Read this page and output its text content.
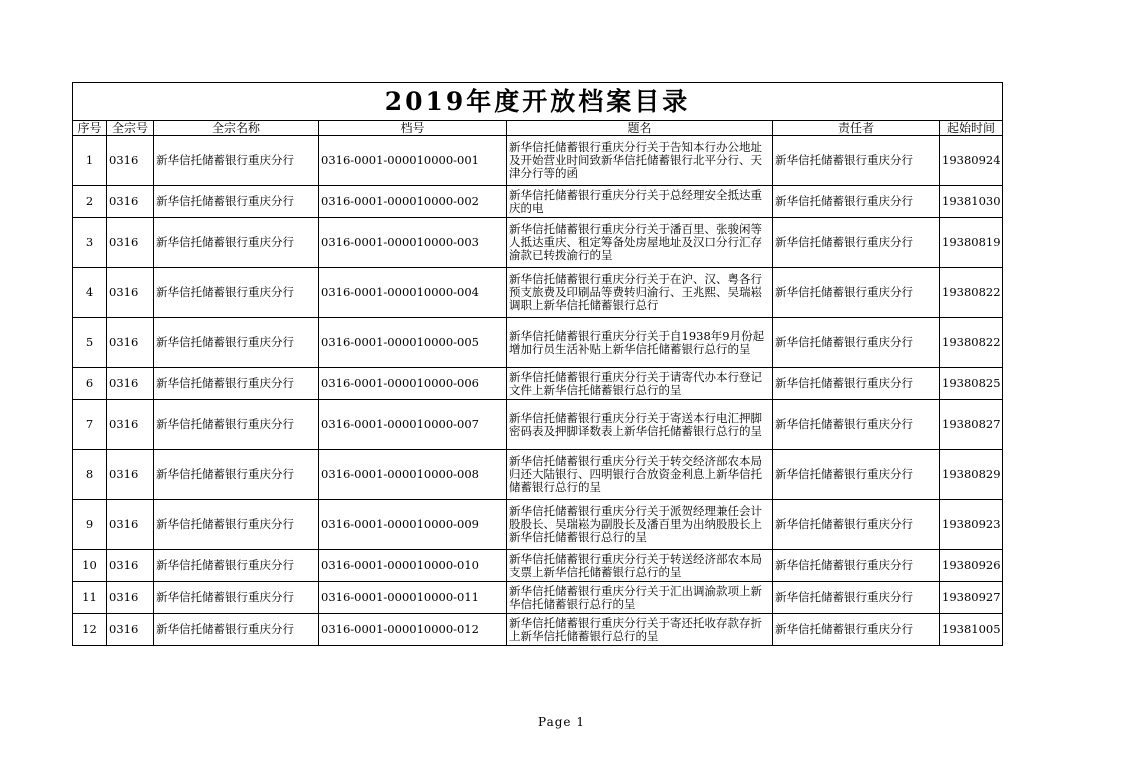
2019年度开放档案目录						
序号	全宗号	全宗名称	档号	题名	责任者	起始时间
1	0316	新华信托储蓄银行重庆分行	0316-0001-000010000-001	新华信托储蓄银行重庆分行关于告知本行办公地址及开始营业时间致新华信托储蓄银行北平分行、天津分行等的函	新华信托储蓄银行重庆分行	19380924
2	0316	新华信托储蓄银行重庆分行	0316-0001-000010000-002	新华信托储蓄银行重庆分行关于总经理安全抵达重庆的电	新华信托储蓄银行重庆分行	19381030
3	0316	新华信托储蓄银行重庆分行	0316-0001-000010000-003	新华信托储蓄银行重庆分行关于潘百里、张骏闲等人抵达重庆、租定筹备处房屋地址及汉口分行汇存渝款已转拨渝行的呈	新华信托储蓄银行重庆分行	19380819
4	0316	新华信托储蓄银行重庆分行	0316-0001-000010000-004	新华信托储蓄银行重庆分行关于在沪、汉、粤各行预支旅费及印刷品等费转归渝行、王兆熙、吴瑞崧调职上新华信托储蓄银行总行	新华信托储蓄银行重庆分行	19380822
5	0316	新华信托储蓄银行重庆分行	0316-0001-000010000-005	新华信托储蓄银行重庆分行关于自1938年9月份起增加行员生活补贴上新华信托储蓄银行总行的呈	新华信托储蓄银行重庆分行	19380822
6	0316	新华信托储蓄银行重庆分行	0316-0001-000010000-006	新华信托储蓄银行重庆分行关于请寄代办本行登记文件上新华信托储蓄银行总行的呈	新华信托储蓄银行重庆分行	19380825
7	0316	新华信托储蓄银行重庆分行	0316-0001-000010000-007	新华信托储蓄银行重庆分行关于寄送本行电汇押脚密码表及押脚译数表上新华信托储蓄银行总行的呈	新华信托储蓄银行重庆分行	19380827
8	0316	新华信托储蓄银行重庆分行	0316-0001-000010000-008	新华信托储蓄银行重庆分行关于转交经济部农本局归还大陆银行、四明银行合放资金利息上新华信托储蓄银行总行的呈	新华信托储蓄银行重庆分行	19380829
9	0316	新华信托储蓄银行重庆分行	0316-0001-000010000-009	新华信托储蓄银行重庆分行关于派贺经理兼任会计股股长、吴瑞崧为副股长及潘百里为出纳股股长上新华信托储蓄银行总行的呈	新华信托储蓄银行重庆分行	19380923
10	0316	新华信托储蓄银行重庆分行	0316-0001-000010000-010	新华信托储蓄银行重庆分行关于转送经济部农本局支票上新华信托储蓄银行总行的呈	新华信托储蓄银行重庆分行	19380926
11	0316	新华信托储蓄银行重庆分行	0316-0001-000010000-011	新华信托储蓄银行重庆分行关于汇出调渝款项上新华信托储蓄银行总行的呈	新华信托储蓄银行重庆分行	19380927
12	0316	新华信托储蓄银行重庆分行	0316-0001-000010000-012	新华信托储蓄银行重庆分行关于寄还托收存款存折上新华信托储蓄银行总行的呈	新华信托储蓄银行重庆分行	19381005
Page 1
